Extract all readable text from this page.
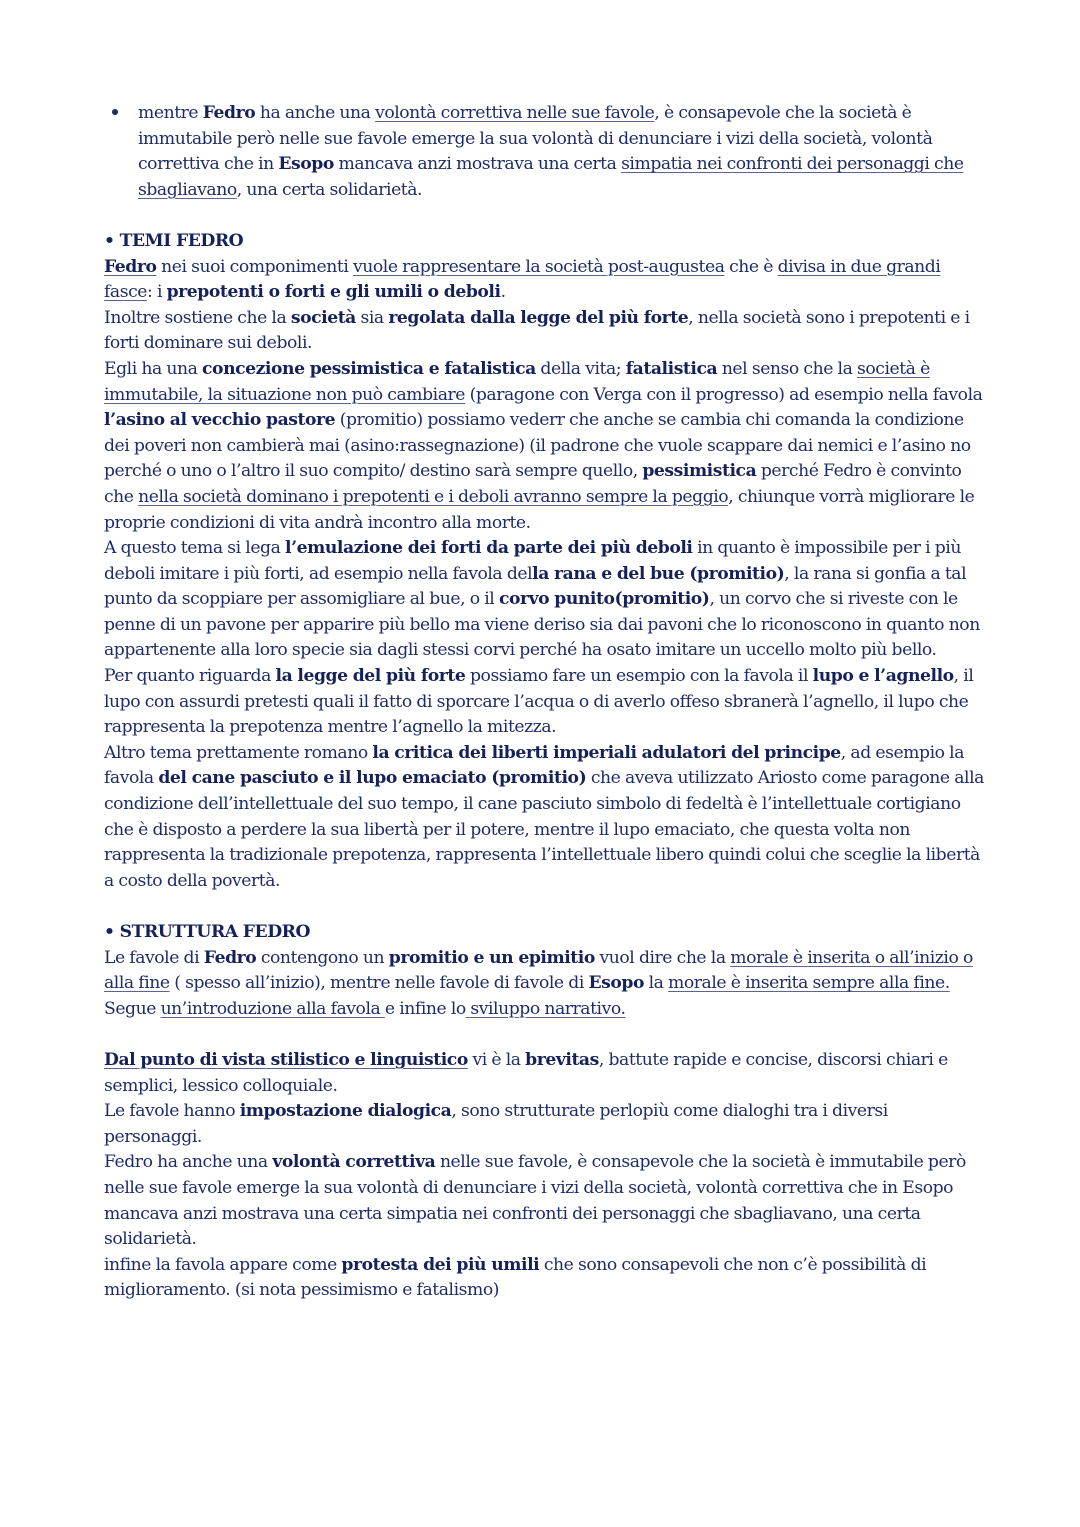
mentre Fedro ha anche una volontà correttiva nelle sue favole, è consapevole che la società è immutabile però nelle sue favole emerge la sua volontà di denunciare i vizi della società, volontà correttiva che in Esopo mancava anzi mostrava una certa simpatia nei confronti dei personaggi che sbagliavano, una certa solidarietà.
• TEMI FEDRO
Fedro nei suoi componimenti vuole rappresentare la società post-augustea che è divisa in due grandi fasce: i prepotenti o forti e gli umili o deboli.
Inoltre sostiene che la società sia regolata dalla legge del più forte, nella società sono i prepotenti e i forti dominare sui deboli.
Egli ha una concezione pessimistica e fatalistica della vita; fatalistica nel senso che la società è immutabile, la situazione non può cambiare (paragone con Verga con il progresso) ad esempio nella favola l’asino al vecchio pastore (promitio) possiamo vederr che anche se cambia chi comanda la condizione dei poveri non cambierà mai (asino:rassegnazione) (il padrone che vuole scappare dai nemici e l’asino no perché o uno o l’altro il suo compito/ destino sarà sempre quello, pessimistica perché Fedro è convinto che nella società dominano i prepotenti e i deboli avranno sempre la peggio, chiunque vorrà migliorare le proprie condizioni di vita andrà incontro alla morte.
A questo tema si lega l’emulazione dei forti da parte dei più deboli in quanto è impossibile per i più deboli imitare i più forti, ad esempio nella favola della rana e del bue (promitio), la rana si gonfia a tal punto da scoppiare per assomigliare al bue, o il corvo punito(promitio), un corvo che si riveste con le penne di un pavone per apparire più bello ma viene deriso sia dai pavoni che lo riconoscono in quanto non appartenente alla loro specie sia dagli stessi corvi perché ha osato imitare un uccello molto più bello.
Per quanto riguarda la legge del più forte possiamo fare un esempio con la favola il lupo e l’agnello, il lupo con assurdi pretesti quali il fatto di sporcare l’acqua o di averlo offeso sbranerà l’agnello, il lupo che rappresenta la prepotenza mentre l’agnello la mitezza.
Altro tema prettamente romano la critica dei liberti imperiali adulatori del principe, ad esempio la favola del cane pasciuto e il lupo emaciato (promitio) che aveva utilizzato Ariosto come paragone alla condizione dell’intellettuale del suo tempo, il cane pasciuto simbolo di fedeltà è l’intellettuale cortigiano che è disposto a perdere la sua libertà per il potere, mentre il lupo emaciato, che questa volta non rappresenta la tradizionale prepotenza, rappresenta l’intellettuale libero quindi colui che sceglie la libertà a costo della povertà.
• STRUTTURA FEDRO
Le favole di Fedro contengono un promitio e un epimitio vuol dire che la morale è inserita o all’inizio o alla fine ( spesso all’inizio), mentre nelle favole di favole di Esopo la morale è inserita sempre alla fine.
Segue un’introduzione alla favola e infine lo sviluppo narrativo.
Dal punto di vista stilistico e linguistico vi è la brevitas, battute rapide e concise, discorsi chiari e semplici, lessico colloquiale.
Le favole hanno impostazione dialogica, sono strutturate perlopiù come dialoghi tra i diversi personaggi.
Fedro ha anche una volontà correttiva nelle sue favole, è consapevole che la società è immutabile però nelle sue favole emerge la sua volontà di denunciare i vizi della società, volontà correttiva che in Esopo mancava anzi mostrava una certa simpatia nei confronti dei personaggi che sbagliavano, una certa solidarietà.
infine la favola appare come protesta dei più umili che sono consapevoli che non c’è possibilità di miglioramento. (si nota pessimismo e fatalismo)
